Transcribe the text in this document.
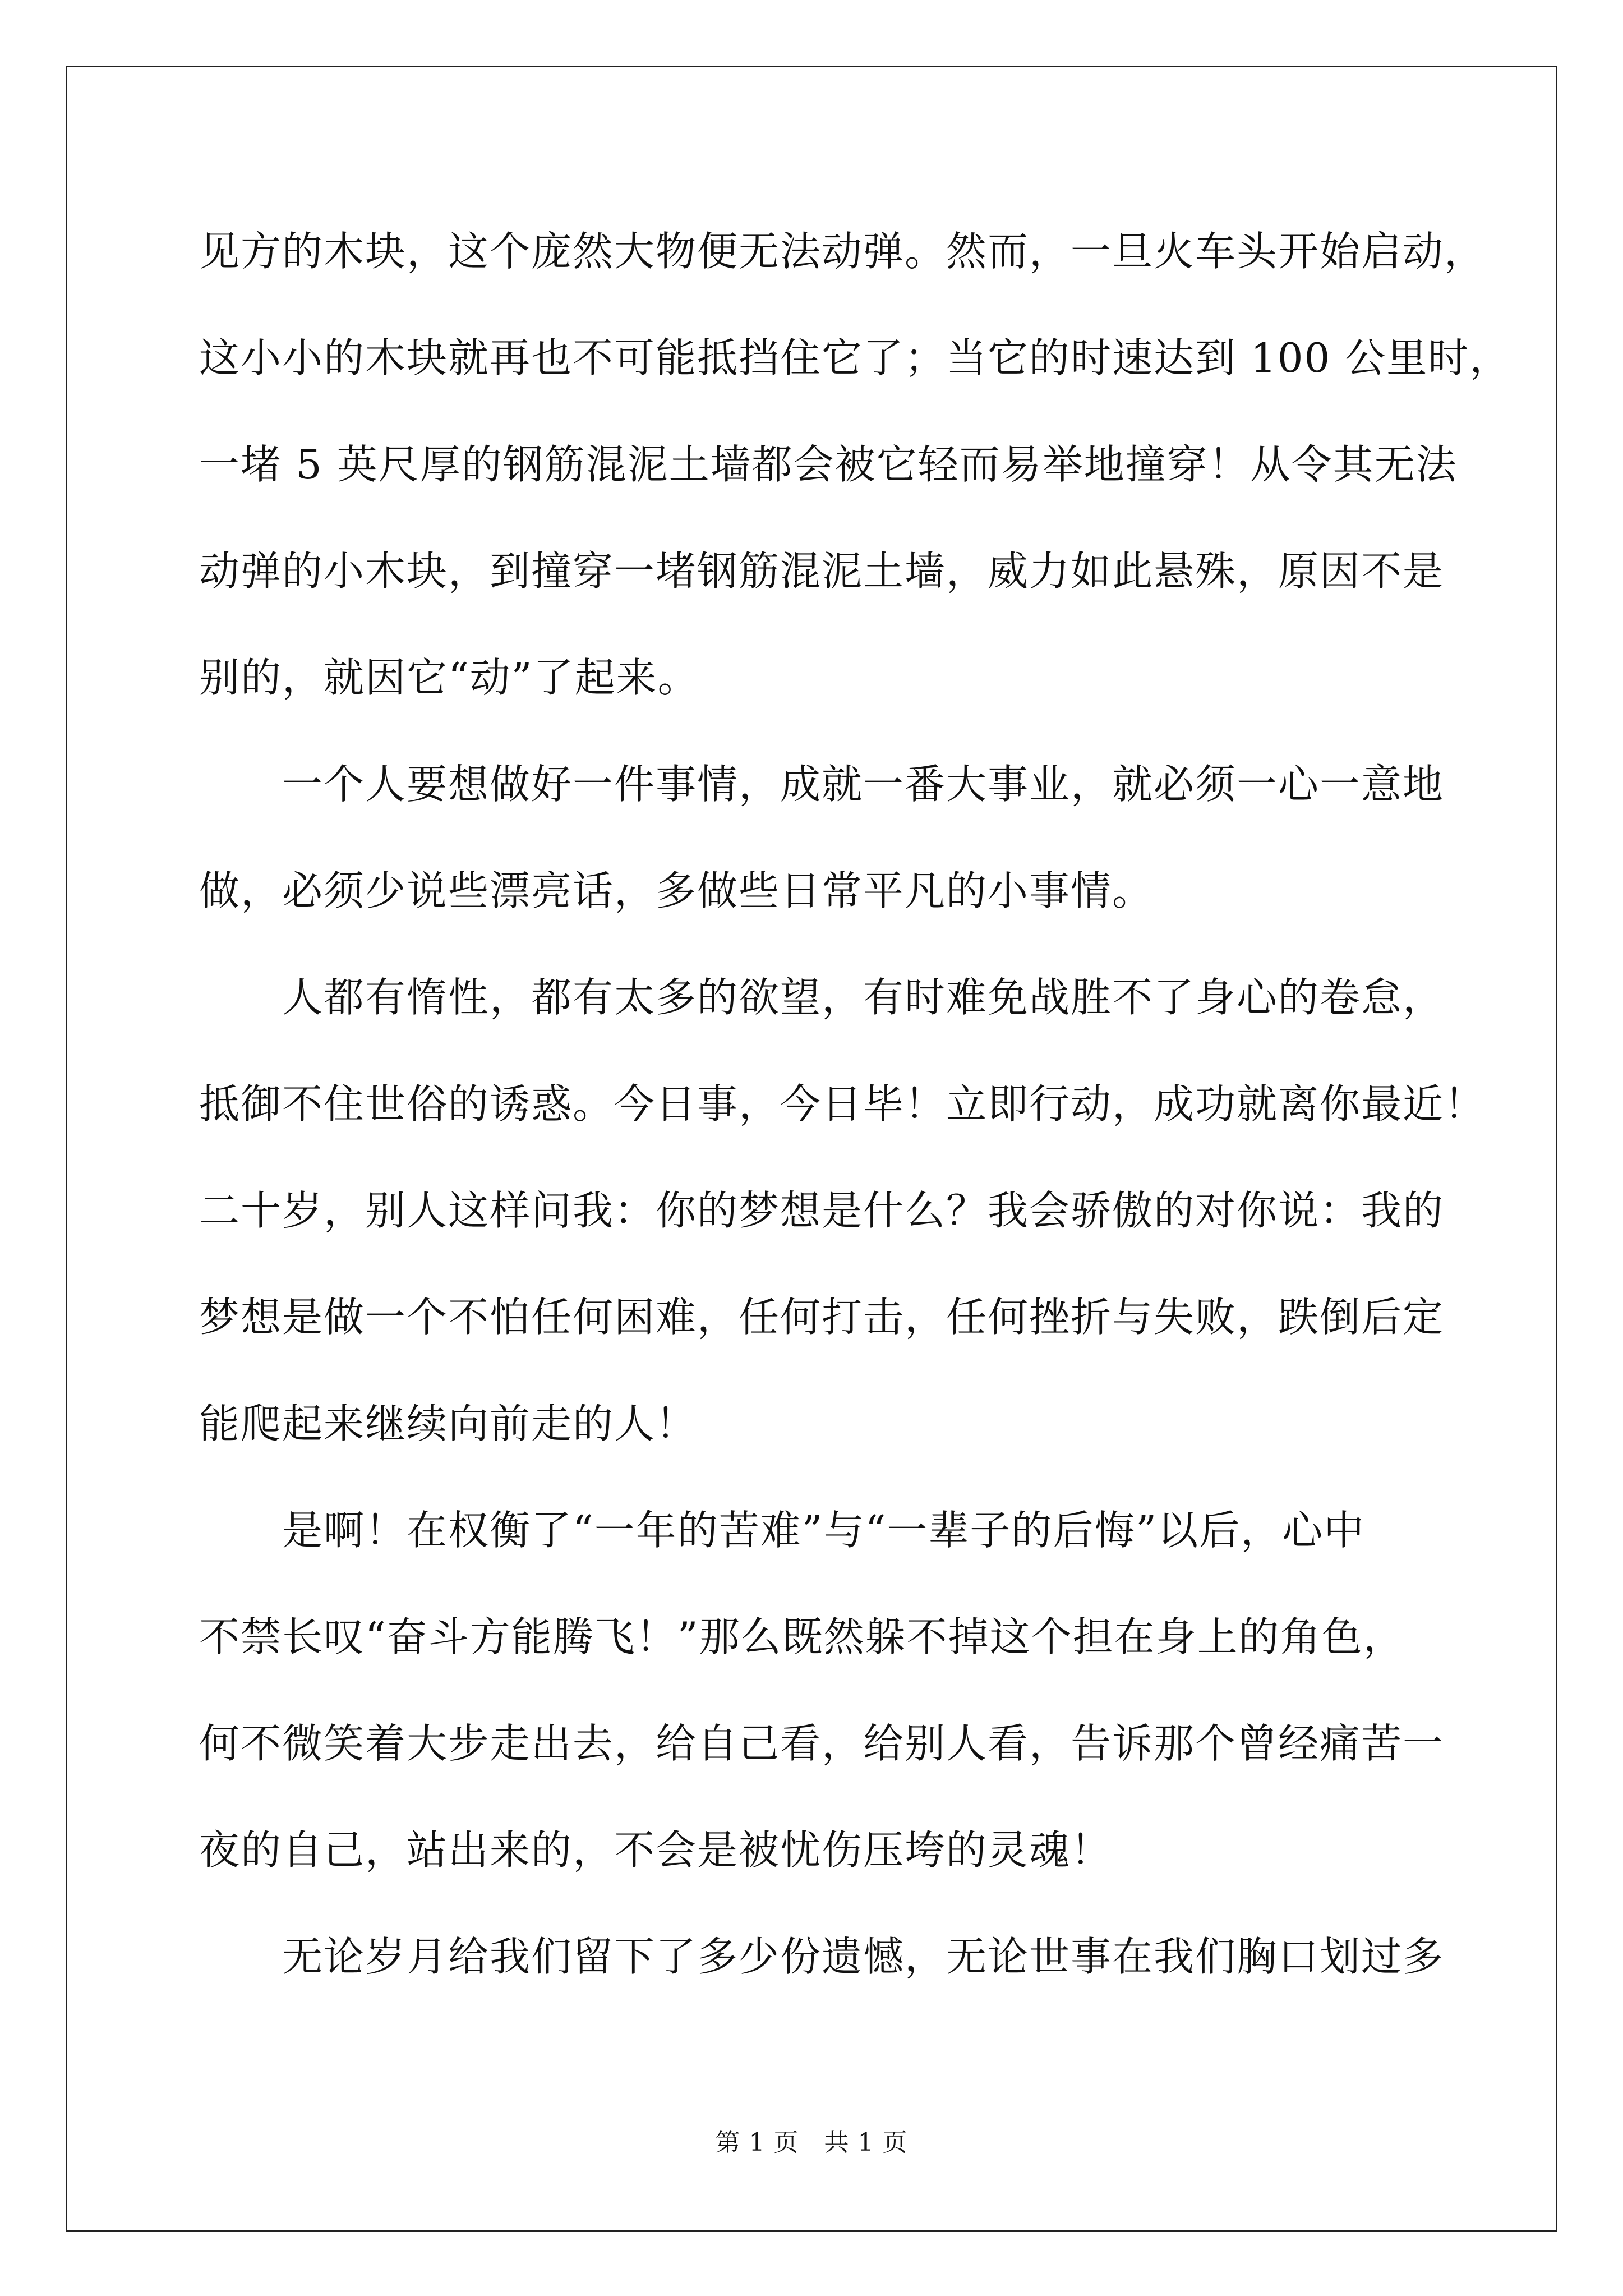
见方的木块，这个庞然大物便无法动弹。然而，一旦火车头开始启动，
这小小的木块就再也不可能抵挡住它了；当它的时速达到 100 公里时，
一堵 5 英尺厚的钢筋混泥土墙都会被它轻而易举地撞穿！从令其无法
动弹的小木块，到撞穿一堵钢筋混泥土墙，威力如此悬殊，原因不是
别的，就因它“动”了起来。
　　一个人要想做好一件事情，成就一番大事业，就必须一心一意地
做，必须少说些漂亮话，多做些日常平凡的小事情。
　　人都有惰性，都有太多的欲望，有时难免战胜不了身心的卷怠，
抵御不住世俗的诱惑。今日事，今日毕！立即行动，成功就离你最近！
二十岁，别人这样问我：你的梦想是什么？我会骄傲的对你说：我的
梦想是做一个不怕任何困难，任何打击，任何挫折与失败，跌倒后定
能爬起来继续向前走的人！
　　是啊！在权衡了“一年的苦难”与“一辈子的后悔”以后，心中
不禁长叹“奋斗方能腾飞！”那么既然躲不掉这个担在身上的角色，
何不微笑着大步走出去，给自己看，给别人看，告诉那个曾经痛苦一
夜的自己，站出来的，不会是被忧伤压垮的灵魂！
　　无论岁月给我们留下了多少份遗憾，无论世事在我们胸口划过多
第 1 页　共 1 页
